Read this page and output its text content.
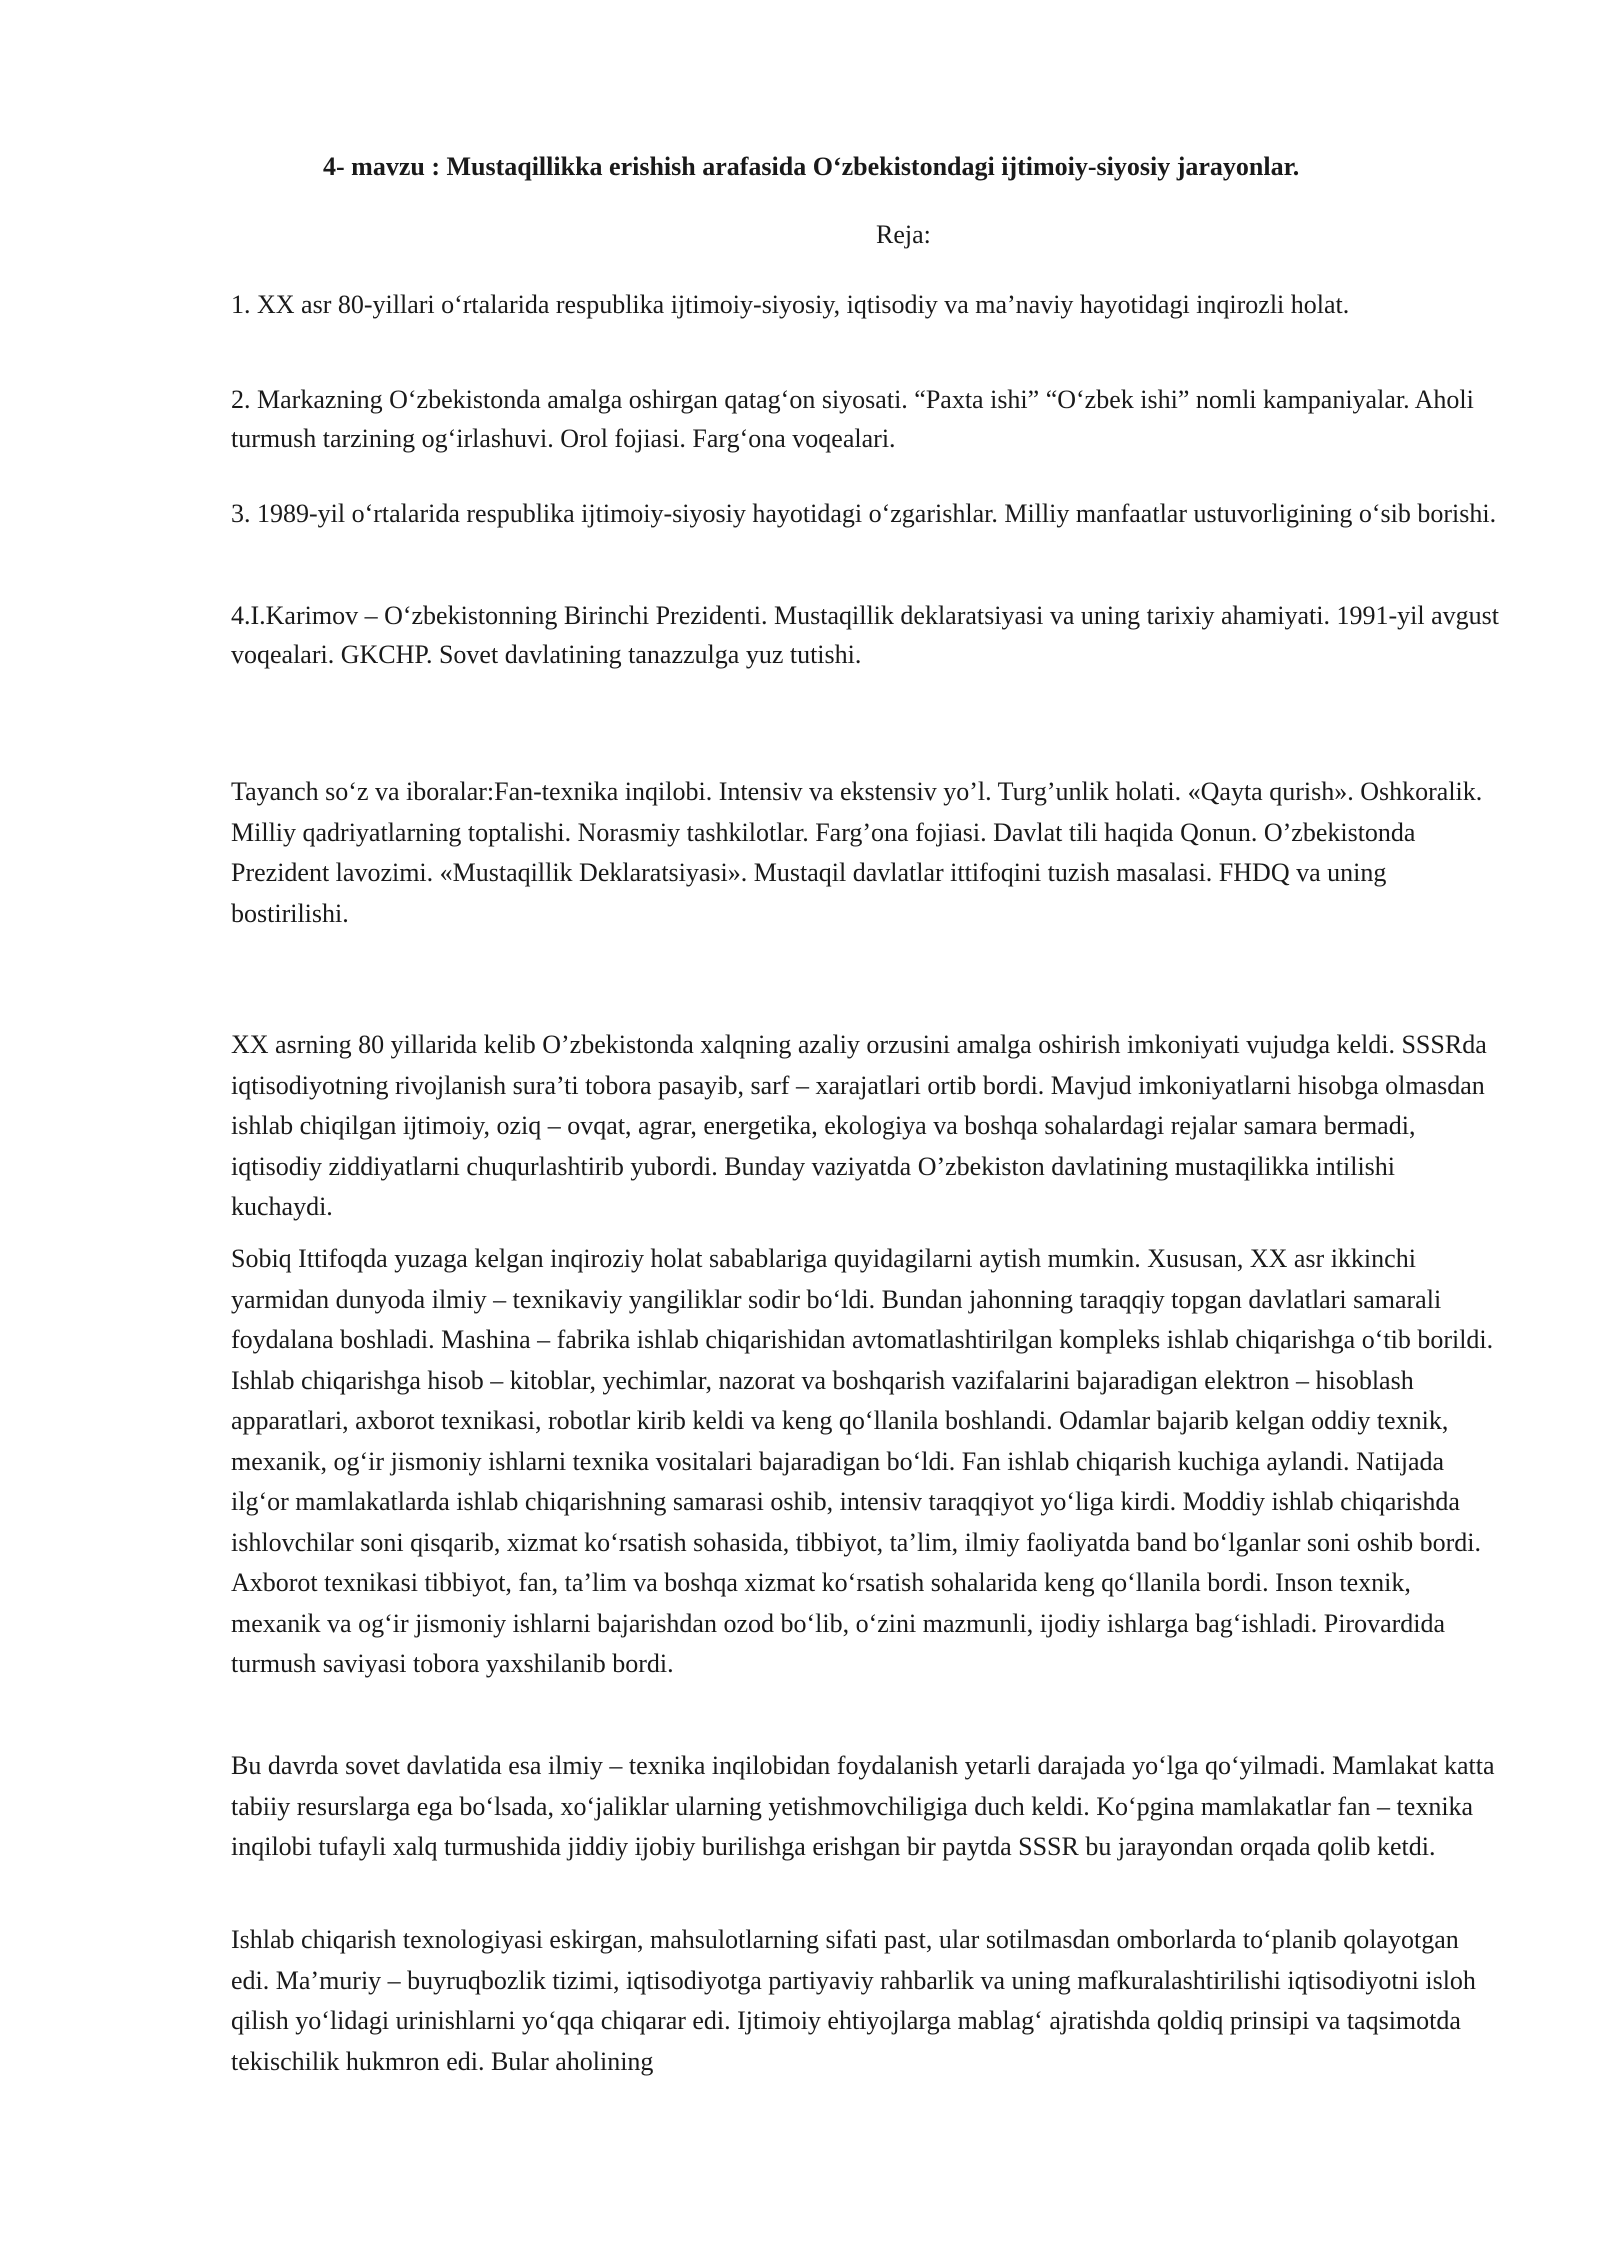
4- mavzu : Mustaqillikka erishish arafasida O‘zbekistondagi ijtimoiy-siyosiy jarayonlar.
Reja:

1. XX asr 80-yillari o‘rtalarida respublika ijtimoiy-siyosiy, iqtisodiy va ma’naviy hayotidagi inqirozli holat.

2. Markazning O‘zbekistonda amalga oshirgan qatag‘on siyosati. “Paxta ishi” “O‘zbek ishi” nomli kampaniyalar. Aholi turmush tarzining og‘irlashuvi. Orol fojiasi. Farg‘ona voqealari.

3. 1989-yil o‘rtalarida respublika ijtimoiy-siyosiy hayotidagi o‘zgarishlar. Milliy manfaatlar ustuvorligining o‘sib borishi.

4.I.Karimov – O‘zbekistonning Birinchi Prezidenti. Mustaqillik deklaratsiyasi va uning tarixiy ahamiyati. 1991-yil avgust voqealari. GKCHP. Sovet davlatining tanazzulga yuz tutishi.

Tayanch so‘z va iboralar:Fan-texnika inqilobi. Intensiv va ekstensiv yo’l. Turg’unlik holati. «Qayta qurish». Oshkoralik. Milliy qadriyatlarning toptalishi. Norasmiy tashkilotlar. Farg’ona fojiasi. Davlat tili haqida Qonun. O’zbekistonda Prezident lavozimi. «Mustaqillik Deklaratsiyasi». Mustaqil davlatlar ittifoqini tuzish masalasi. FHDQ va uning bostirilishi.

XX asrning 80 yillarida kelib O’zbekistonda xalqning azaliy orzusini amalga oshirish imkoniyati vujudga keldi. SSSRda iqtisodiyotning rivojlanish sura’ti tobora pasayib, sarf – xarajatlari ortib bordi. Mavjud imkoniyatlarni hisobga olmasdan ishlab chiqilgan ijtimoiy, oziq – ovqat, agrar, energetika, ekologiya va boshqa sohalardagi rejalar samara bermadi, iqtisodiy ziddiyatlarni chuqurlashtirib yubordi. Bunday vaziyatda O’zbekiston davlatining mustaqilikka intilishi kuchaydi.

Sobiq Ittifoqda yuzaga kelgan inqiroziy holat sabablariga quyidagilarni aytish mumkin. Xususan, XX asr ikkinchi yarmidan dunyoda ilmiy – texnikaviy yangiliklar sodir bo‘ldi. Bundan jahonning taraqqiy topgan davlatlari samarali foydalana boshladi. Mashina – fabrika ishlab chiqarishidan avtomatlashtirilgan kompleks ishlab chiqarishga o‘tib borildi. Ishlab chiqarishga hisob – kitoblar, yechimlar, nazorat va boshqarish vazifalarini bajaradigan elektron – hisoblash apparatlari, axborot texnikasi, robotlar kirib keldi va keng qo‘llanila boshlandi. Odamlar bajarib kelgan oddiy texnik, mexanik, og‘ir jismoniy ishlarni texnika vositalari bajaradigan bo‘ldi. Fan ishlab chiqarish kuchiga aylandi. Natijada ilg‘or mamlakatlarda ishlab chiqarishning samarasi oshib, intensiv taraqqiyot yo‘liga kirdi. Moddiy ishlab chiqarishda ishlovchilar soni qisqarib, xizmat ko‘rsatish sohasida, tibbiyot, ta’lim, ilmiy faoliyatda band bo‘lganlar soni oshib bordi. Axborot texnikasi tibbiyot, fan, ta’lim va boshqa xizmat ko‘rsatish sohalarida keng qo‘llanila bordi. Inson texnik, mexanik va og‘ir jismoniy ishlarni bajarishdan ozod bo‘lib, o‘zini mazmunli, ijodiy ishlarga bag‘ishladi. Pirovardida turmush saviyasi tobora yaxshilanib bordi.

Bu davrda sovet davlatida esa ilmiy – texnika inqilobidan foydalanish yetarli darajada yo‘lga qo‘yilmadi. Mamlakat katta tabiiy resurslarga ega bo‘lsada, xo‘jaliklar ularning yetishmovchiligiga duch keldi. Ko‘pgina mamlakatlar fan – texnika inqilobi tufayli xalq turmushida jiddiy ijobiy burilishga erishgan bir paytda SSSR bu jarayondan orqada qolib ketdi.

Ishlab chiqarish texnologiyasi eskirgan, mahsulotlarning sifati past, ular sotilmasdan omborlarda to‘planib qolayotgan edi. Ma’muriy – buyruqbozlik tizimi, iqtisodiyotga partiyaviy rahbarlik va uning mafkuralashtirilishi iqtisodiyotni isloh qilish yo‘lidagi urinishlarni yo‘qqa chiqarar edi. Ijtimoiy ehtiyojlarga mablag‘ ajratishda qoldiq prinsipi va taqsimotda tekischilik hukmron edi. Bular aholining
